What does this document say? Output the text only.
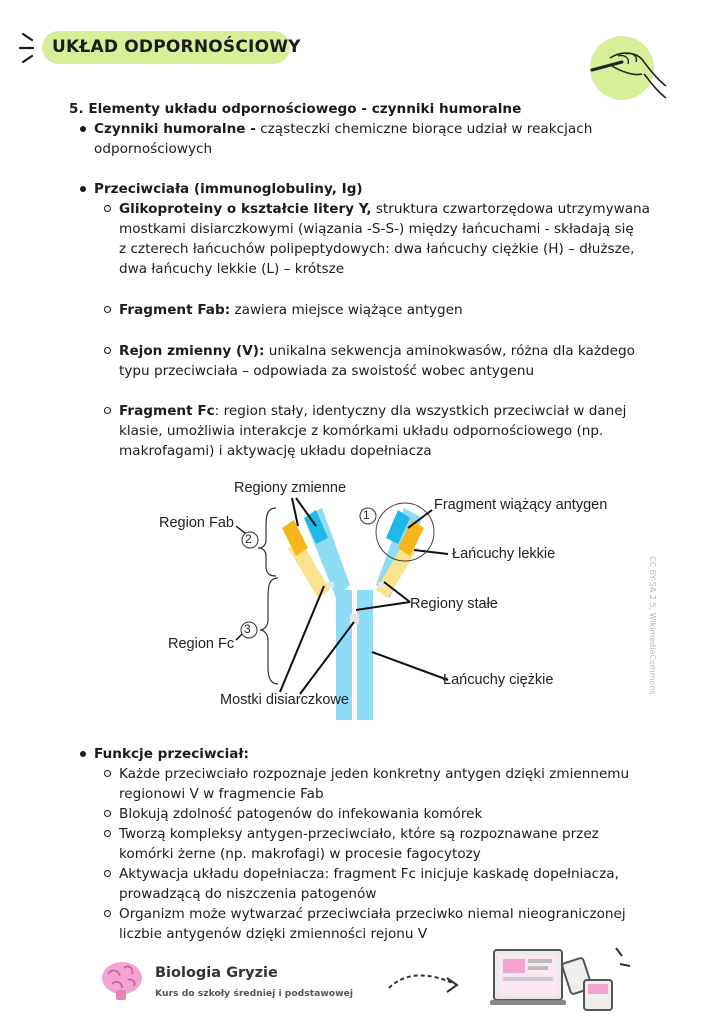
UKŁAD ODPORNOŚCIOWY
5. Elementy układu odpornościowego - czynniki humoralne
Czynniki humoralne - cząsteczki chemiczne biorące udział w reakcjach
odpornościowych
Przeciwciała (immunoglobuliny, Ig)
Glikoproteiny o kształcie litery Y, struktura czwartorzędowa utrzymywana
mostkami disiarczkowymi (wiązania -S-S-) między łańcuchami - składają się
z czterech łańcuchów polipeptydowych: dwa łańcuchy ciężkie (H) – dłuższe,
dwa łańcuchy lekkie (L) – krótsze
Fragment Fab: zawiera miejsce wiążące antygen
Rejon zmienny (V): unikalna sekwencja aminokwasów, różna dla każdego
typu przeciwciała – odpowiada za swoistość wobec antygenu
Fragment Fc: region stały, identyczny dla wszystkich przeciwciał w danej
klasie, umożliwia interakcje z komórkami układu odpornościowego (np.
makrofagami) i aktywację układu dopełniacza
1
2
3
Regiony zmienne
Region Fab
Region Fc
Fragment wiążący antygen
Łańcuchy lekkie
Regiony stałe
Łańcuchy ciężkie
Mostki disiarczkowe
CC BY-SA 2.5, WikimediaCommons
Funkcje przeciwciał:
Każde przeciwciało rozpoznaje jeden konkretny antygen dzięki zmiennemu
regionowi V w fragmencie Fab
Blokują zdolność patogenów do infekowania komórek
Tworzą kompleksy antygen-przeciwciało, które są rozpoznawane przez
komórki żerne (np. makrofagi) w procesie fagocytozy
Aktywacja układu dopełniacza: fragment Fc inicjuje kaskadę dopełniacza,
prowadzącą do niszczenia patogenów
Organizm może wytwarzać przeciwciała przeciwko niemal nieograniczonej
liczbie antygenów dzięki zmienności rejonu V
Biologia Gryzie
Kurs do szkoły średniej i podstawowej
